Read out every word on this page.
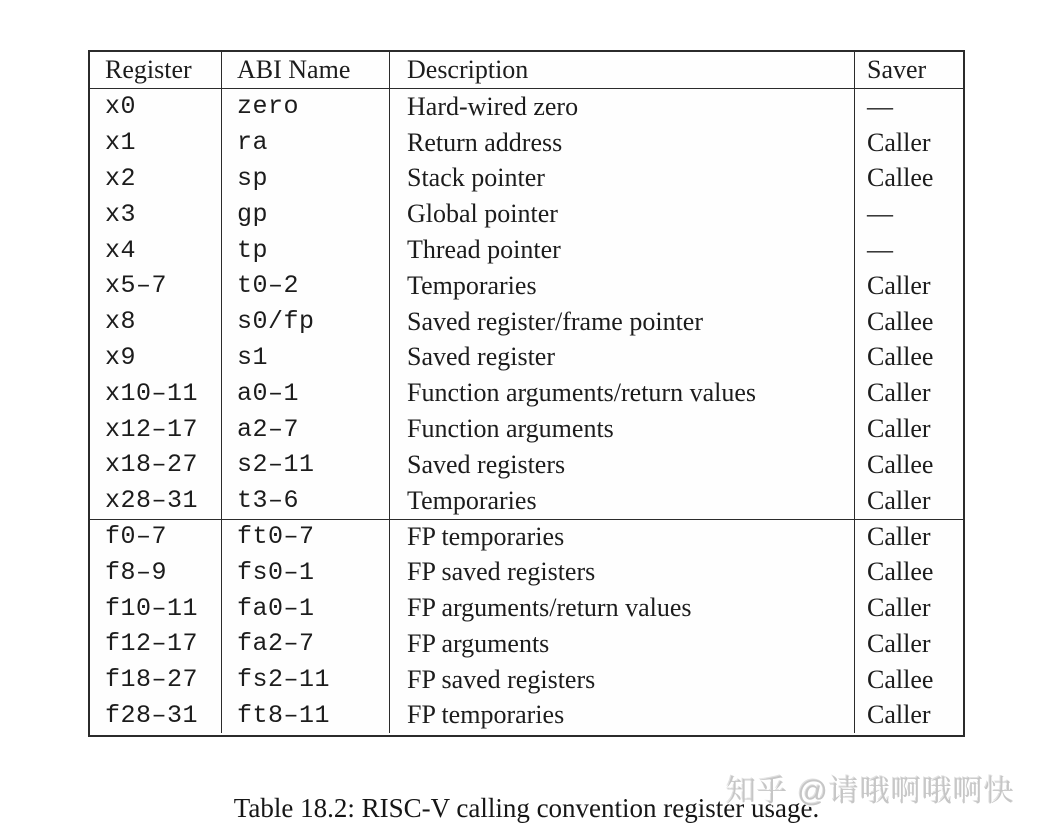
Register	ABI Name	Description	Saver
x0	zero	Hard-wired zero	—
x1	ra	Return address	Caller
x2	sp	Stack pointer	Callee
x3	gp	Global pointer	—
x4	tp	Thread pointer	—
x5–7	t0–2	Temporaries	Caller
x8	s0/fp	Saved register/frame pointer	Callee
x9	s1	Saved register	Callee
x10–11	a0–1	Function arguments/return values	Caller
x12–17	a2–7	Function arguments	Caller
x18–27	s2–11	Saved registers	Callee
x28–31	t3–6	Temporaries	Caller
f0–7	ft0–7	FP temporaries	Caller
f8–9	fs0–1	FP saved registers	Callee
f10–11	fa0–1	FP arguments/return values	Caller
f12–17	fa2–7	FP arguments	Caller
f18–27	fs2–11	FP saved registers	Callee
f28–31	ft8–11	FP temporaries	Caller
Table 18.2: RISC-V calling convention register usage.
知乎 @请哦啊哦啊快
